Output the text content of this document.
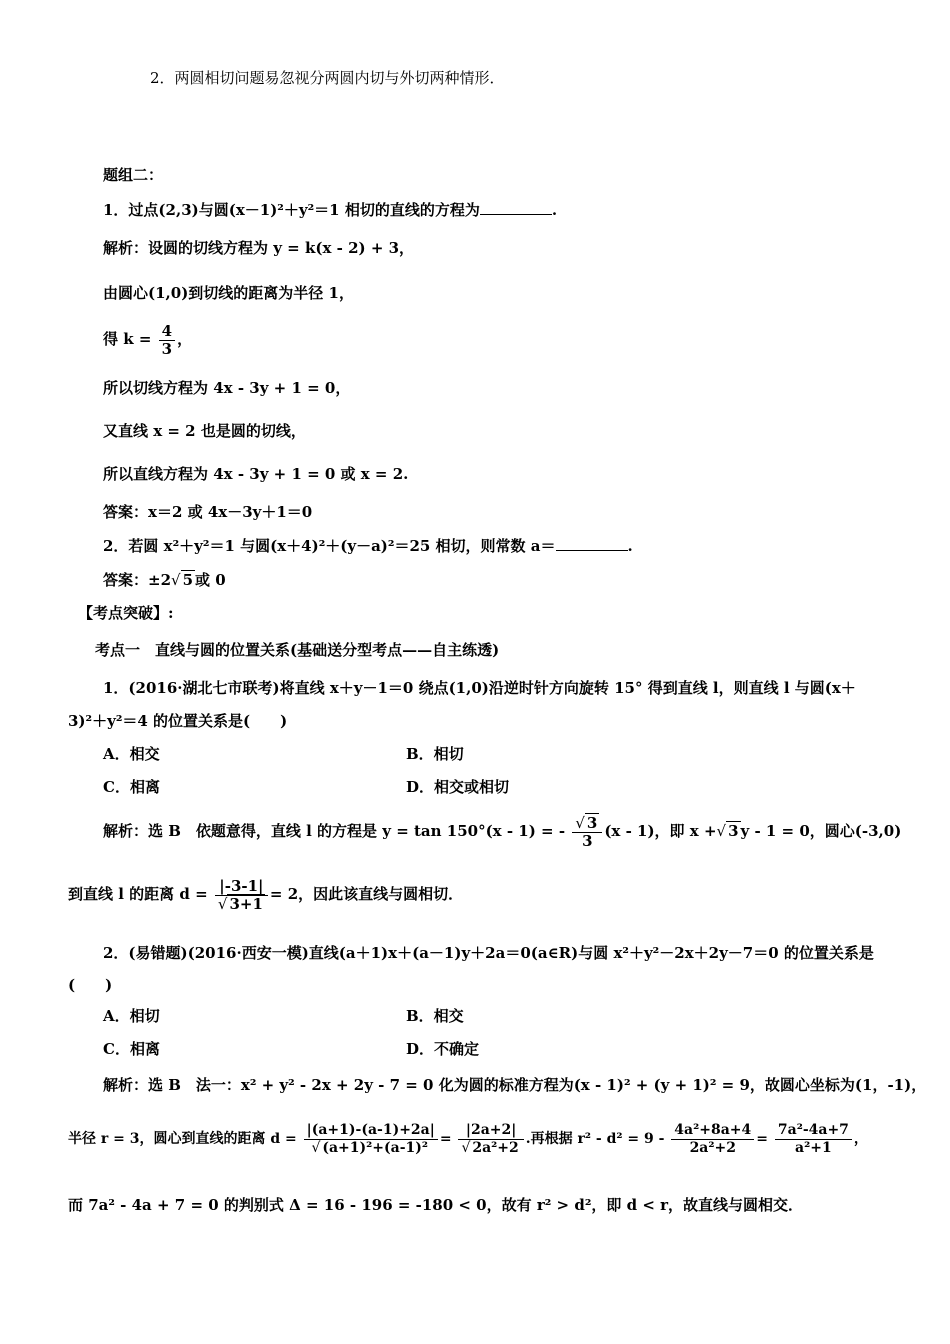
2．两圆相切问题易忽视分两圆内切与外切两种情形．
题组二：
1．过点(2,3)与圆(x－1)²＋y²＝1 相切的直线的方程为	.
解析：设圆的切线方程为 y = k(x - 2) + 3，
由圆心(1,0)到切线的距离为半径 1，
得 $k = \frac{4}{3}$ ，
所以切线方程为 4x - 3y + 1 = 0，
又直线 x = 2 也是圆的切线，
所以直线方程为 4x - 3y + 1 = 0 或 x = 2.
答案：x＝2 或 4x－3y＋1＝0
2．若圆 x²＋y²＝1 与圆(x＋4)²＋(y－a)²＝25 相切，则常数 a＝	.
答案：±2√ 5 或 0
【考点突破】:
考点一　直线与圆的位置关系(基础送分型考点——自主练透)
1．(2016·湖北七市联考)将直线 x＋y－1＝0 绕点(1,0)沿逆时针方向旋转 15° 得到直线 l，则直线 l 与圆(x＋
3)²＋y²＝4 的位置关系是(　　)
A．相交	B．相切
C．相离	D．相交或相切
解析：选 B　依题意得，直线 l 的方程是 y = tan 150°(x - 1) = - $\frac{√ 3}{3} (x - 1)$，即 x +√ 3 y - 1 = 0，圆心(-3,0)
到直线 l 的距离 $d = \frac{|-3-1|}{√ 3+1} = 2$，因此该直线与圆相切．
2．(易错题)(2016·西安一模)直线(a＋1)x＋(a－1)y＋2a＝0(a∈R)与圆 x²＋y²－2x＋2y－7＝0 的位置关系是
(　　)
A．相切	B．相交
C．相离	D．不确定
解析：选 B　法一：x² + y² - 2x + 2y - 7 = 0 化为圆的标准方程为(x - 1)² + (y + 1)² = 9，故圆心坐标为(1，-1)，
半径 r = 3，圆心到直线的距离 $d = \frac{|(a+1)-(a-1)+2a|}{\text{√ (a+1)²+(a-1)²}} = \frac{|2a+2|}{\text{√ 2a²+2}}$ .再根据 $r^2 - d^2 = 9 - \frac{\text{4a²+8a+4}}{\text{2a²+2}} = \frac{\text{7a²-4a+7}}{\text{a²+1}}$ ，
而 7a² - 4a + 7 = 0 的判别式 Δ = 16 - 196 = -180 < 0，故有 r² > d²，即 d < r，故直线与圆相交．
